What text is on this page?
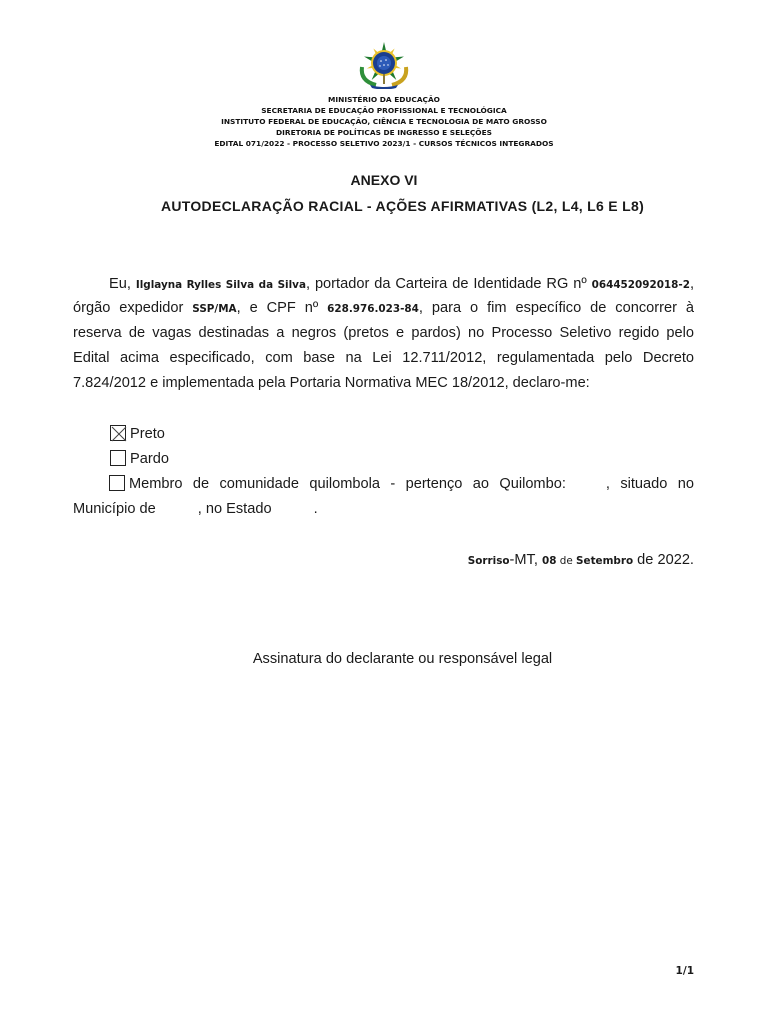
MINISTÉRIO DA EDUCAÇÃO
SECRETARIA DE EDUCAÇÃO PROFISSIONAL E TECNOLÓGICA
INSTITUTO FEDERAL DE EDUCAÇÃO, CIÊNCIA E TECNOLOGIA DE MATO GROSSO
DIRETORIA DE POLÍTICAS DE INGRESSO E SELEÇÕES
EDITAL 071/2022 - PROCESSO SELETIVO 2023/1 - CURSOS TÉCNICOS INTEGRADOS
ANEXO VI
AUTODECLARAÇÃO RACIAL - AÇÕES AFIRMATIVAS (L2, L4, L6 E L8)
Eu, Ilglayna Rylles Silva da Silva, portador da Carteira de Identidade RG nº 064452092018-2,
órgão expedidor SSP/MA, e CPF nº 628.976.023-84, para o fim específico de concorrer à
reserva de vagas destinadas a negros (pretos e pardos) no Processo Seletivo regido pelo
Edital acima especificado, com base na Lei 12.711/2012, regulamentada pelo Decreto
7.824/2012 e implementada pela Portaria Normativa MEC 18/2012, declaro-me:
Preto
Pardo
Membro de comunidade quilombola - pertenço ao Quilombo:	, situado no
Município de	, no Estado	.
Sorriso-MT, 08 de Setembro de 2022.
Assinatura do declarante ou responsável legal
1/1
